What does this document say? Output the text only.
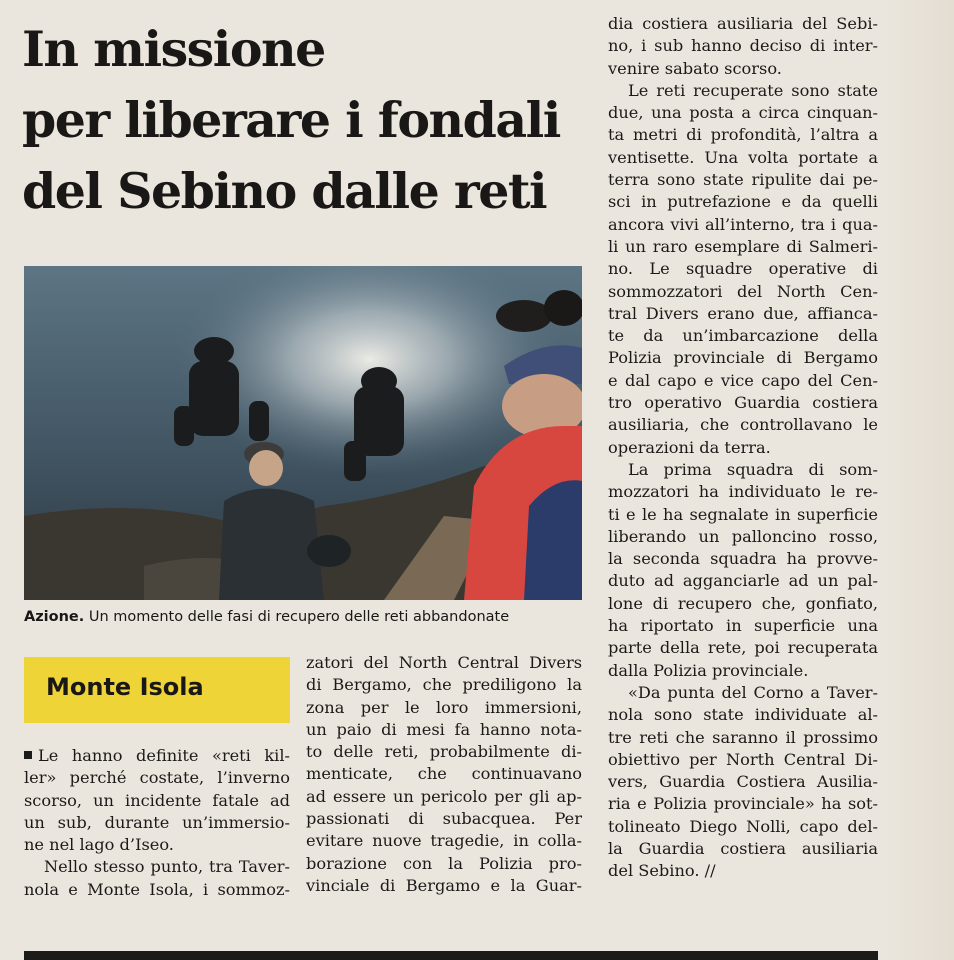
In missione
per liberare i fondali
del Sebino dalle reti
Azione. Un momento delle fasi di recupero delle reti abbandonate
Monte Isola
Le hanno definite «reti kil-
ler» perché costate, l’inverno
scorso, un incidente fatale ad
un sub, durante un’immersio-
ne nel lago d’Iseo.
Nello stesso punto, tra Taver-
nola e Monte Isola, i sommoz-
zatori del North Central Divers
di Bergamo, che prediligono la
zona per le loro immersioni,
un paio di mesi fa hanno nota-
to delle reti, probabilmente di-
menticate, che continuavano
ad essere un pericolo per gli ap-
passionati di subacquea. Per
evitare nuove tragedie, in colla-
borazione con la Polizia pro-
vinciale di Bergamo e la Guar-
dia costiera ausiliaria del Sebi-
no, i sub hanno deciso di inter-
venire sabato scorso.
Le reti recuperate sono state
due, una posta a circa cinquan-
ta metri di profondità, l’altra a
ventisette. Una volta portate a
terra sono state ripulite dai pe-
sci in putrefazione e da quelli
ancora vivi all’interno, tra i qua-
li un raro esemplare di Salmeri-
no. Le squadre operative di
sommozzatori del North Cen-
tral Divers erano due, affianca-
te da un’imbarcazione della
Polizia provinciale di Bergamo
e dal capo e vice capo del Cen-
tro operativo Guardia costiera
ausiliaria, che controllavano le
operazioni da terra.
La prima squadra di som-
mozzatori ha individuato le re-
ti e le ha segnalate in superficie
liberando un palloncino rosso,
la seconda squadra ha provve-
duto ad agganciarle ad un pal-
lone di recupero che, gonfiato,
ha riportato in superficie una
parte della rete, poi recuperata
dalla Polizia provinciale.
«Da punta del Corno a Taver-
nola sono state individuate al-
tre reti che saranno il prossimo
obiettivo per North Central Di-
vers, Guardia Costiera Ausilia-
ria e Polizia provinciale» ha sot-
tolineato Diego Nolli, capo del-
la Guardia costiera ausiliaria
del Sebino. //
